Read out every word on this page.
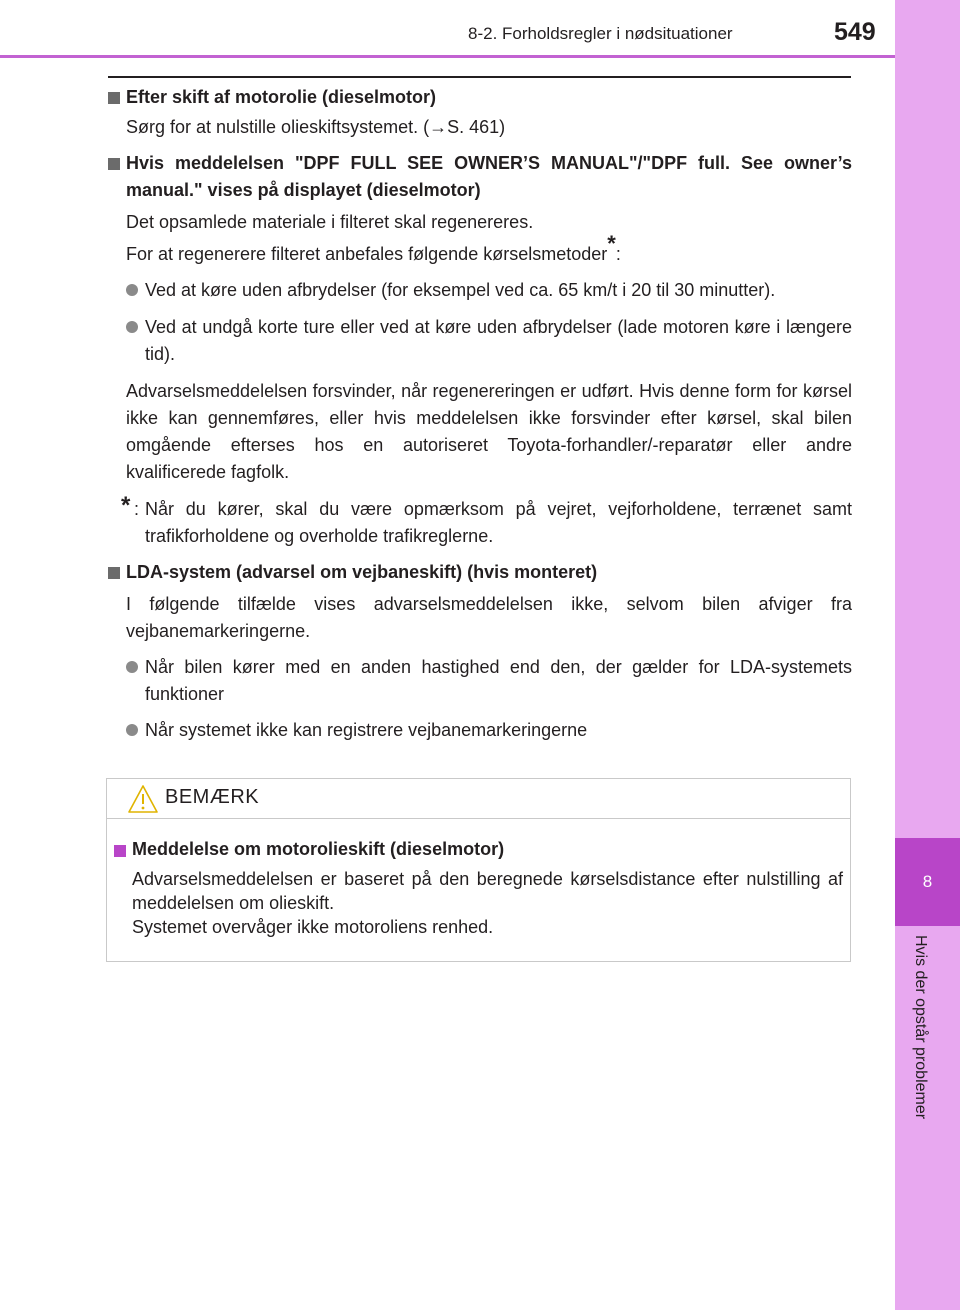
8
Hvis der opstår problemer
8-2. Forholdsregler i nødsituationer	549
Efter skift af motorolie (dieselmotor)
Sørg for at nulstille olieskiftsystemet. (→S. 461)
Hvis meddelelsen "DPF FULL SEE OWNER’S MANUAL"/"DPF full. See owner’s manual." vises på displayet (dieselmotor)
Det opsamlede materiale i filteret skal regenereres.
For at regenerere filteret anbefales følgende kørselsmetoder*:
Ved at køre uden afbrydelser (for eksempel ved ca. 65 km/t i 20 til 30 minutter).
Ved at undgå korte ture eller ved at køre uden afbrydelser (lade motoren køre i længere tid).
Advarselsmeddelelsen forsvinder, når regenereringen er udført. Hvis denne form for kørsel ikke kan gennemføres, eller hvis meddelelsen ikke forsvinder efter kørsel, skal bilen omgående efterses hos en autoriseret Toyota-forhandler/-reparatør eller andre kvalificerede fagfolk.
* : Når du kører, skal du være opmærksom på vejret, vejforholdene, terrænet samt trafikforholdene og overholde trafikreglerne.
LDA-system (advarsel om vejbaneskift) (hvis monteret)
I følgende tilfælde vises advarselsmeddelelsen ikke, selvom bilen afviger fra vejbanemarkeringerne.
Når bilen kører med en anden hastighed end den, der gælder for LDA-systemets funktioner
Når systemet ikke kan registrere vejbanemarkeringerne
BEMÆRK
Meddelelse om motorolieskift (dieselmotor)
Advarselsmeddelelsen er baseret på den beregnede kørselsdistance efter nulstilling af meddelelsen om olieskift.
Systemet overvåger ikke motoroliens renhed.
